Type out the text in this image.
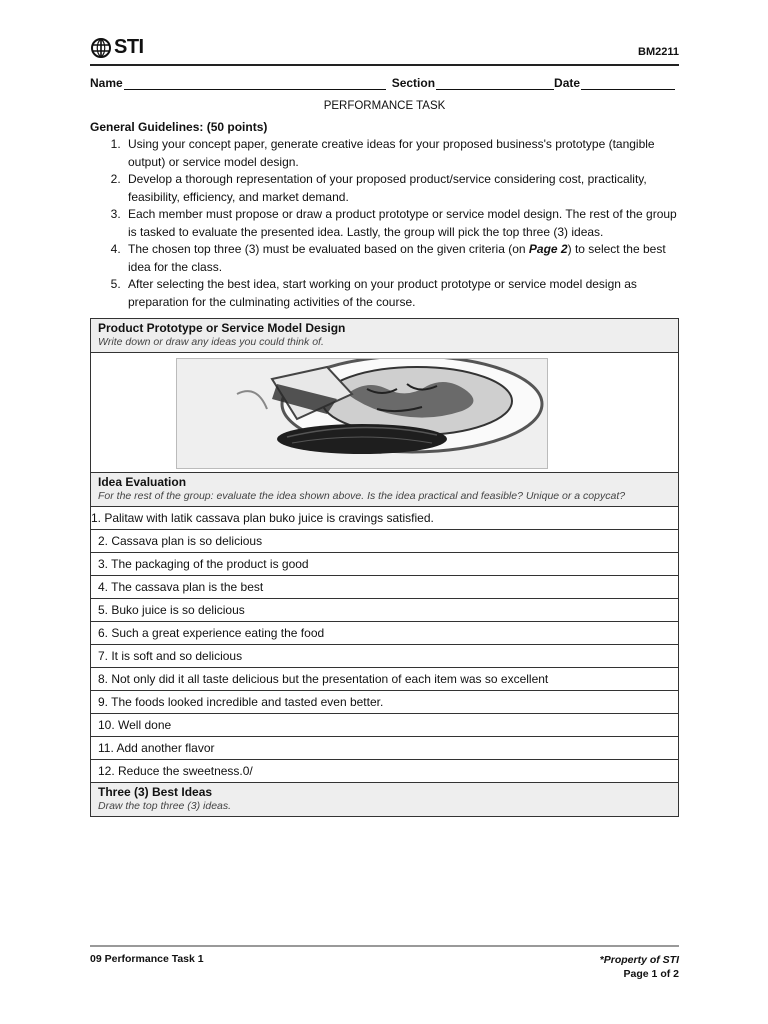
STI	BM2211
Name	Section	Date
PERFORMANCE TASK
General Guidelines: (50 points)
1. Using your concept paper, generate creative ideas for your proposed business's prototype (tangible output) or service model design.
2. Develop a thorough representation of your proposed product/service considering cost, practicality, feasibility, efficiency, and market demand.
3. Each member must propose or draw a product prototype or service model design. The rest of the group is tasked to evaluate the presented idea. Lastly, the group will pick the top three (3) ideas.
4. The chosen top three (3) must be evaluated based on the given criteria (on Page 2) to select the best idea for the class.
5. After selecting the best idea, start working on your product prototype or service model design as preparation for the culminating activities of the course.
Product Prototype or Service Model Design
Write down or draw any ideas you could think of.
Idea Evaluation
For the rest of the group: evaluate the idea shown above. Is the idea practical and feasible? Unique or a copycat?
1. Palitaw with latik cassava plan buko juice is cravings satisfied.
2. Cassava plan is so delicious
3. The packaging of the product is good
4. The cassava plan is the best
5. Buko juice is so delicious
6. Such a great experience eating the food
7. It is soft and so delicious
8. Not only did it all taste delicious but the presentation of each item was so excellent
9. The foods looked incredible and tasted even better.
10. Well done
11. Add another flavor
12. Reduce the sweetness.0/
Three (3) Best Ideas
Draw the top three (3) ideas.
09 Performance Task 1	*Property of STI
Page 1 of 2
